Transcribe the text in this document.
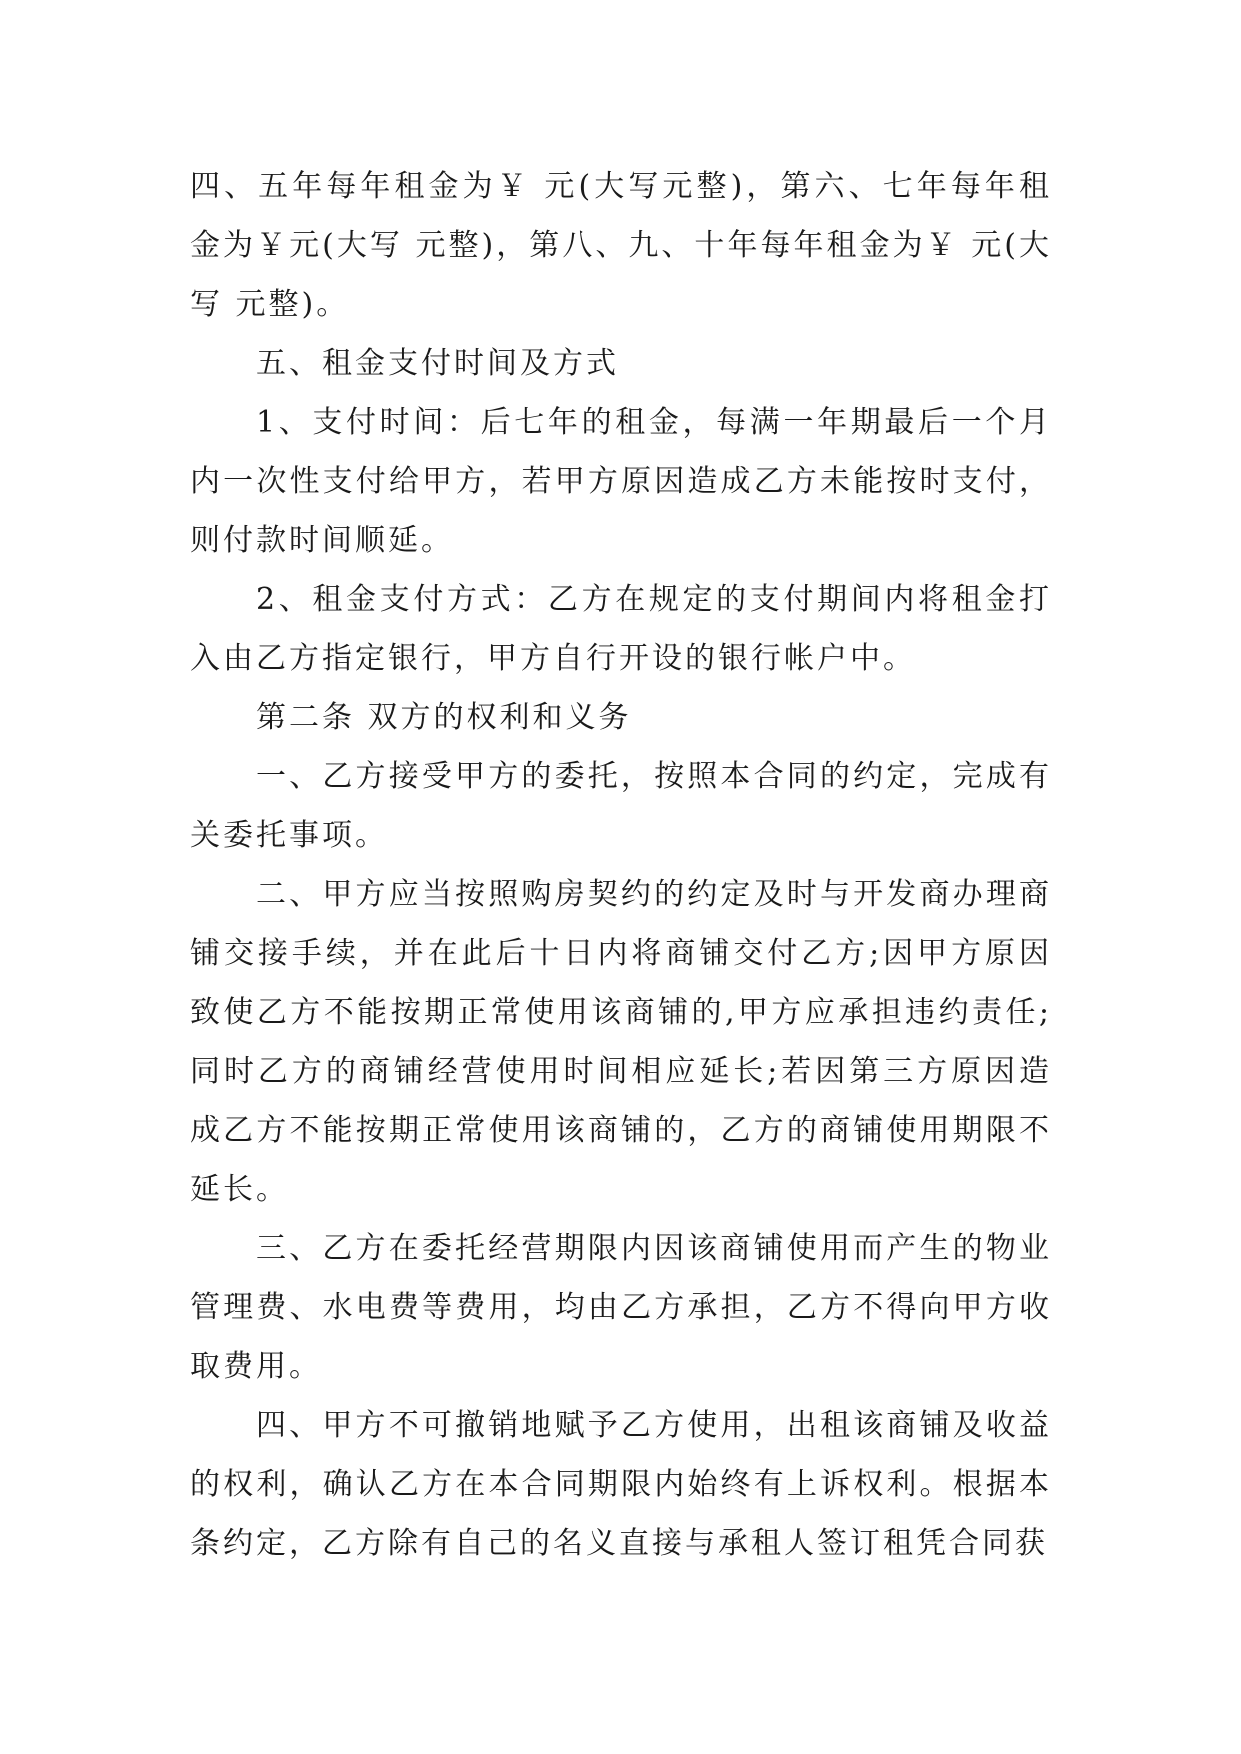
四、五年每年租金为￥ 元(大写元整)，第六、七年每年租金为￥元(大写 元整)，第八、九、十年每年租金为￥ 元(大写 元整)。

五、租金支付时间及方式

1、支付时间：后七年的租金，每满一年期最后一个月内一次性支付给甲方，若甲方原因造成乙方未能按时支付，则付款时间顺延。

2、租金支付方式：乙方在规定的支付期间内将租金打入由乙方指定银行，甲方自行开设的银行帐户中。

第二条 双方的权利和义务

一、乙方接受甲方的委托，按照本合同的约定，完成有关委托事项。

二、甲方应当按照购房契约的约定及时与开发商办理商铺交接手续，并在此后十日内将商铺交付乙方;因甲方原因致使乙方不能按期正常使用该商铺的,甲方应承担违约责任;同时乙方的商铺经营使用时间相应延长;若因第三方原因造成乙方不能按期正常使用该商铺的，乙方的商铺使用期限不延长。

三、乙方在委托经营期限内因该商铺使用而产生的物业管理费、水电费等费用，均由乙方承担，乙方不得向甲方收取费用。

四、甲方不可撤销地赋予乙方使用，出租该商铺及收益的权利，确认乙方在本合同期限内始终有上诉权利。根据本条约定，乙方除有自己的名义直接与承租人签订租凭合同获
